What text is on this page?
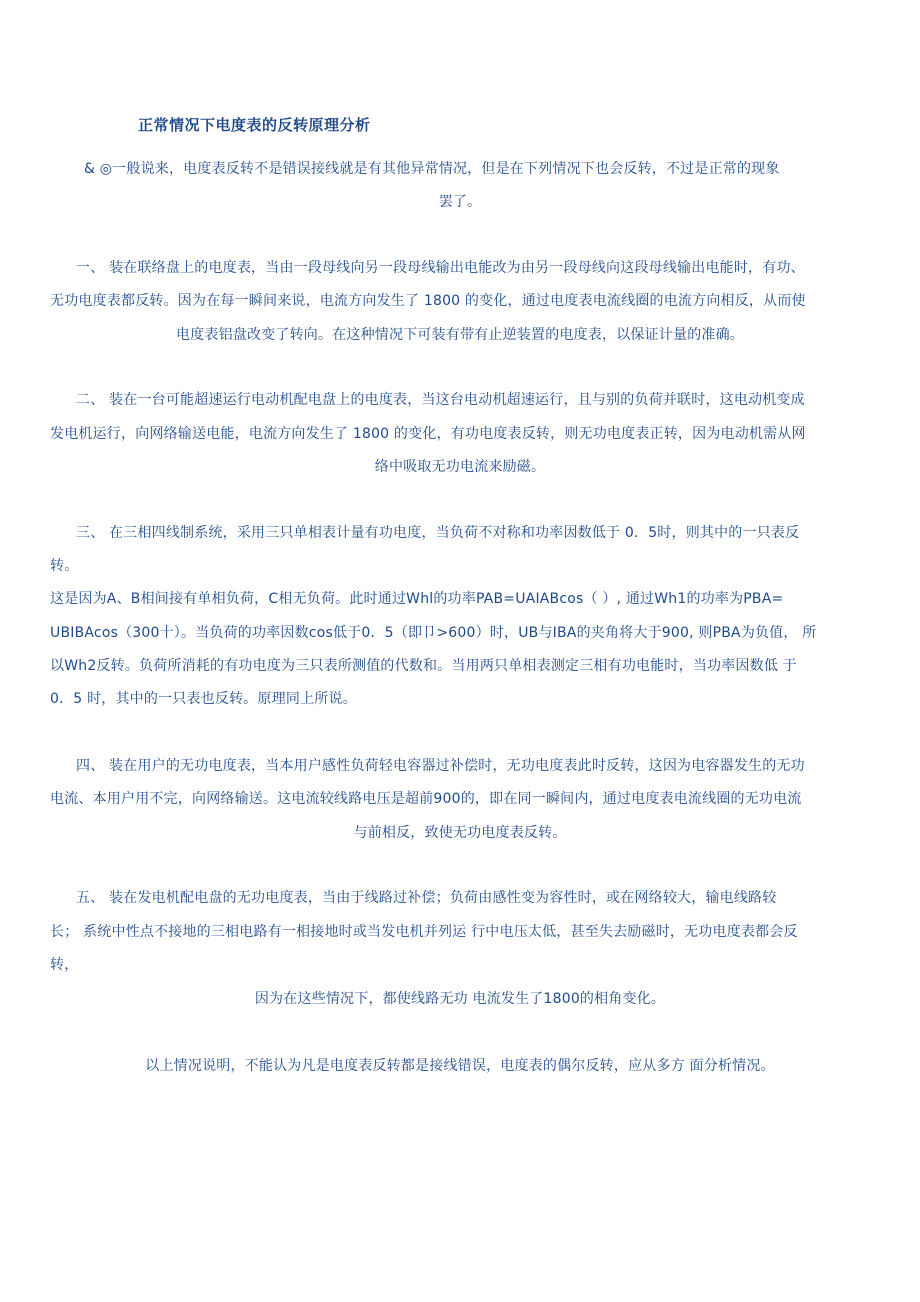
正常情况下电度表的反转原理分析
& ◎一般说来，电度表反转不是错误接线就是有其他异常情况，但是在下列情况下也会反转，不过是正常的现象
罢了。
一、 装在联络盘上的电度表，当由一段母线向另一段母线输出电能改为由另一段母线向这段母线输出电能时，有功、
无功电度表都反转。因为在每一瞬间来说，电流方向发生了 1800 的变化，通过电度表电流线圈的电流方向相反，从而使
电度表铝盘改变了转向。在这种情况下可装有带有止逆装置的电度表，以保证计量的准确。
二、 装在一台可能超速运行电动机配电盘上的电度表，当这台电动机超速运行，且与别的负荷并联时，这电动机变成
发电机运行，向网络输送电能，电流方向发生了 1800 的变化，有功电度表反转，则无功电度表正转，因为电动机需从网
络中吸取无功电流来励磁。
三、 在三相四线制系统，采用三只单相表计量有功电度，当负荷不对称和功率因数低于 0．5时，则其中的一只表反
转。
这是因为A、B相间接有单相负荷，C相无负荷。此时通过Whl的功率PAB=UAIABcos（ ）, 通过Wh1的功率为PBA=
UBIBAcos（300十）。当负荷的功率因数cos低于0．5（即卩>600）时，UB与IBA的夹角将大于900, 则PBA为负值， 所
以Wh2反转。负荷所消耗的有功电度为三只表所测值的代数和。当用两只单相表测定三相有功电能时，当功率因数低 于
0．5 时，其中的一只表也反转。原理同上所说。
四、 装在用户的无功电度表，当本用户感性负荷轻电容器过补偿时，无功电度表此时反转，这因为电容器发生的无功
电流、本用户用不完，向网络输送。这电流较线路电压是超前900的，即在同一瞬间内，通过电度表电流线圈的无功电流
与前相反，致使无功电度表反转。
五、 装在发电机配电盘的无功电度表，当由于线路过补偿；负荷由感性变为容性时，或在网络较大，输电线路较
长； 系统中性点不接地的三相电路有一相接地时或当发电机并列运 行中电压太低，甚至失去励磁时，无功电度表都会反
转，
因为在这些情况下，都使线路无功 电流发生了1800的相角变化。
以上情况说明，不能认为凡是电度表反转都是接线错误，电度表的偶尔反转，应从多方 面分析情况。
